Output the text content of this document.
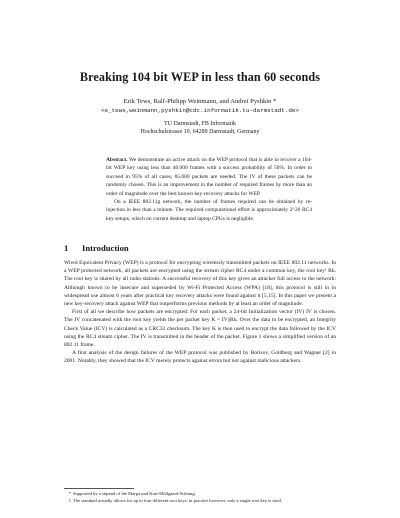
Breaking 104 bit WEP in less than 60 seconds
Erik Tews, Ralf-Philipp Weinmann, and Andrei Pyshkin *
<e_tews,weinmann,pyshkin@cdc.informatik.tu-darmstadt.de>
TU Darmstadt, FB Informatik
Hochschulstrasse 10, 64289 Darmstadt, Germany

Abstract. We demonstrate an active attack on the WEP protocol that is able to recover a 104-bit WEP key using less than 40.000 frames with a success probability of 50%. In order to succeed in 95% of all cases, 85.000 packets are needed. The IV of these packets can be randomly chosen. This is an improvement in the number of required frames by more than an order of magnitude over the best known key-recovery attacks for WEP.

On a IEEE 802.11g network, the number of frames required can be obtained by re-injection in less than a minute. The required computational effort is approximately 2^20 RC4 key setups, which on current desktop and laptop CPUs is negligible.

1 Introduction

Wired Equivalent Privacy (WEP) is a protocol for encrypting wirelessly transmitted packets on IEEE 802.11 networks. In a WEP protected network, all packets are encrypted using the stream cipher RC4 under a common key, the root key¹ Rk. The root key is shared by all radio stations. A successful recovery of this key gives an attacker full access to the network: Although known to be insecure and superseded by Wi-Fi Protected Access (WPA) [18], this protocol is still in in widespread use almost 6 years after practical key recovery attacks were found against it [5,15]. In this paper we present a new key-recovery attack against WEP that outperforms previous methods by at least an order of magnitude.

First of all we describe how packets are encrypted: For each packet, a 24-bit Initialization vector (IV) IV is chosen. The IV concatenated with the root key yields the per packet key K = IV||Rk. Over the data to be encrypted, an Integrity Check Value (ICV) is calculated as a CRC32 checksum. The key K is then used to encrypt the data followed by the ICV using the RC4 stream cipher. The IV is transmitted in the header of the packet. Figure 1 shows a simplified version of an 802.11 frame.

A first analysis of the design failures of the WEP protocol was published by Borisov, Goldberg and Wagner [2] in 2001. Notably, they showed that the ICV merely protects against errors but not against malicious attackers.

* Supported by a stipend of the Marga und Kurt-Möllgaard-Stiftung.
1 The standard actually allows for up to four different root keys; in practice however, only a single root key is used.
